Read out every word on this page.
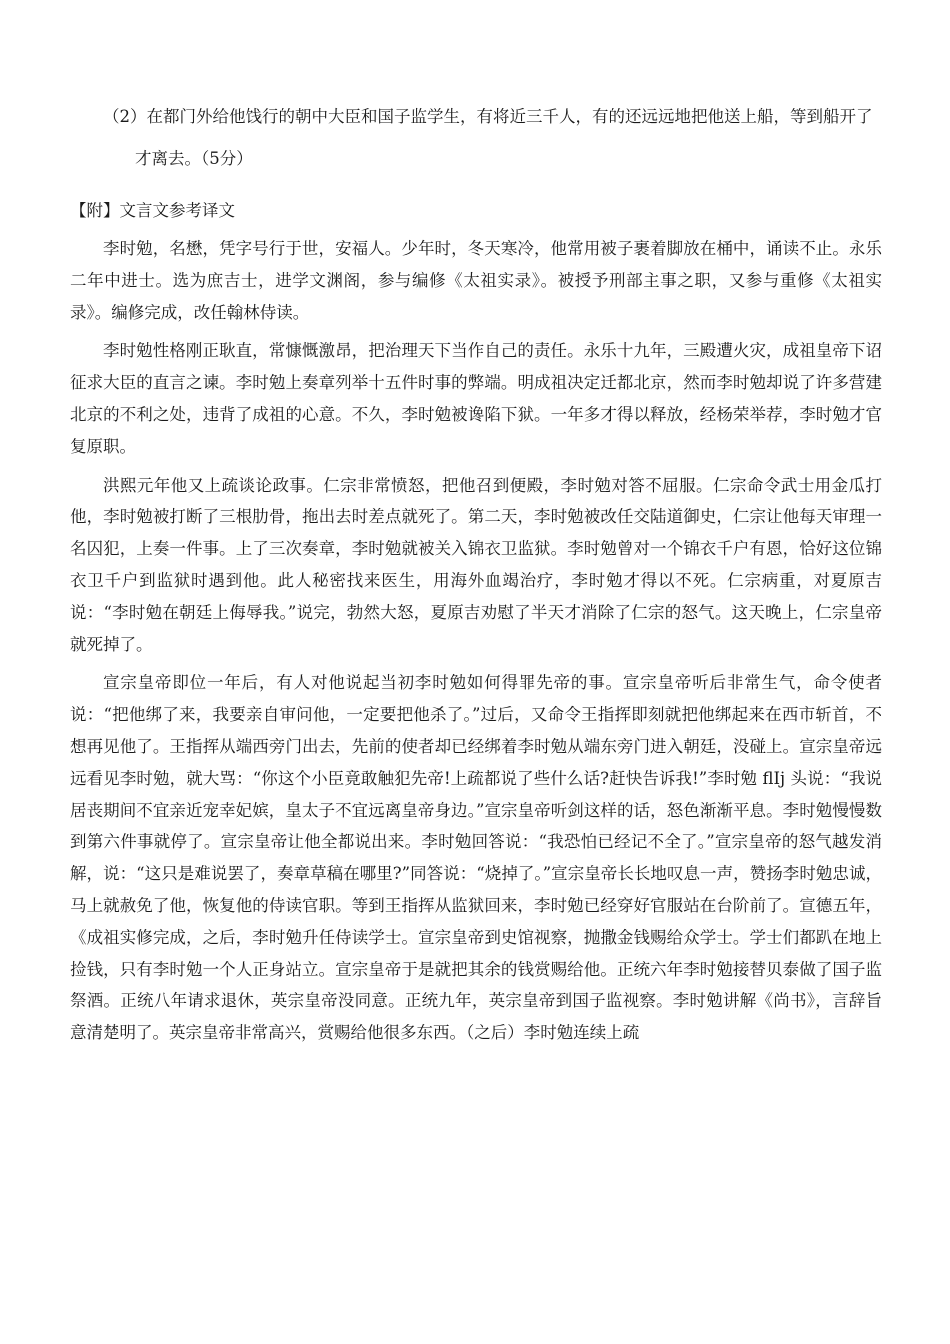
（2）在都门外给他饯行的朝中大臣和国子监学生，有将近三千人，有的还远远地把他送上船，等到船开了
才离去。（5分）
【附】文言文参考译文

李时勉，名懋，凭字号行于世，安福人。少年时，冬天寒冷，他常用被子裹着脚放在桶中，诵读不止。永乐二年中进士。选为庶吉士，进学文渊阁，参与编修《太祖实录》。被授予刑部主事之职，又参与重修《太祖实录》。编修完成，改任翰林侍读。

李时勉性格刚正耿直，常慷慨激昂，把治理天下当作自己的责任。永乐十九年，三殿遭火灾，成祖皇帝下诏征求大臣的直言之谏。李时勉上奏章列举十五件时事的弊端。明成祖决定迁都北京，然而李时勉却说了许多营建北京的不利之处，违背了成祖的心意。不久，李时勉被谗陷下狱。一年多才得以释放，经杨荣举荐，李时勉才官复原职。

洪熙元年他又上疏谈论政事。仁宗非常愤怒，把他召到便殿，李时勉对答不屈服。仁宗命令武士用金瓜打他，李时勉被打断了三根肋骨，拖出去时差点就死了。第二天，李时勉被改任交陆道御史，仁宗让他每天审理一名囚犯，上奏一件事。上了三次奏章，李时勉就被关入锦衣卫监狱。李时勉曾对一个锦衣千户有恩，恰好这位锦衣卫千户到监狱时遇到他。此人秘密找来医生，用海外血竭治疗，李时勉才得以不死。仁宗病重，对夏原吉说：“李时勉在朝廷上侮辱我。”说完，勃然大怒，夏原吉劝慰了半天才消除了仁宗的怒气。这天晚上，仁宗皇帝就死掉了。

宣宗皇帝即位一年后，有人对他说起当初李时勉如何得罪先帝的事。宣宗皇帝听后非常生气，命令使者说：“把他绑了来，我要亲自审问他，一定要把他杀了。”过后，又命令王指挥即刻就把他绑起来在西市斩首，不想再见他了。王指挥从端西旁门出去，先前的使者却已经绑着李时勉从端东旁门进入朝廷，没碰上。宣宗皇帝远远看见李时勉，就大骂：“你这个小臣竟敢触犯先帝!上疏都说了些什么话?赶快告诉我!”李时勉 flIj 头说：“我说居丧期间不宜亲近宠幸妃嫔，皇太子不宜远离皇帝身边。”宣宗皇帝听剑这样的话，怒色渐渐平息。李时勉慢慢数到第六件事就停了。宣宗皇帝让他全都说出来。李时勉回答说：“我恐怕已经记不全了。”宣宗皇帝的怒气越发消解，说：“这只是难说罢了，奏章草稿在哪里?”同答说：“烧掉了。”宣宗皇帝长长地叹息一声，赞扬李时勉忠诚，马上就赦免了他，恢复他的侍读官职。等到王指挥从监狱回来，李时勉已经穿好官服站在台阶前了。宣德五年，《成祖实修完成，之后，李时勉升任侍读学士。宣宗皇帝到史馆视察，抛撒金钱赐给众学士。学士们都趴在地上捡钱，只有李时勉一个人正身站立。宣宗皇帝于是就把其余的钱赏赐给他。正统六年李时勉接替贝泰做了国子监祭酒。正统八年请求退休，英宗皇帝没同意。正统九年，英宗皇帝到国子监视察。李时勉讲解《尚书》，言辞旨意清楚明了。英宗皇帝非常高兴，赏赐给他很多东西。（之后）李时勉连续上疏
